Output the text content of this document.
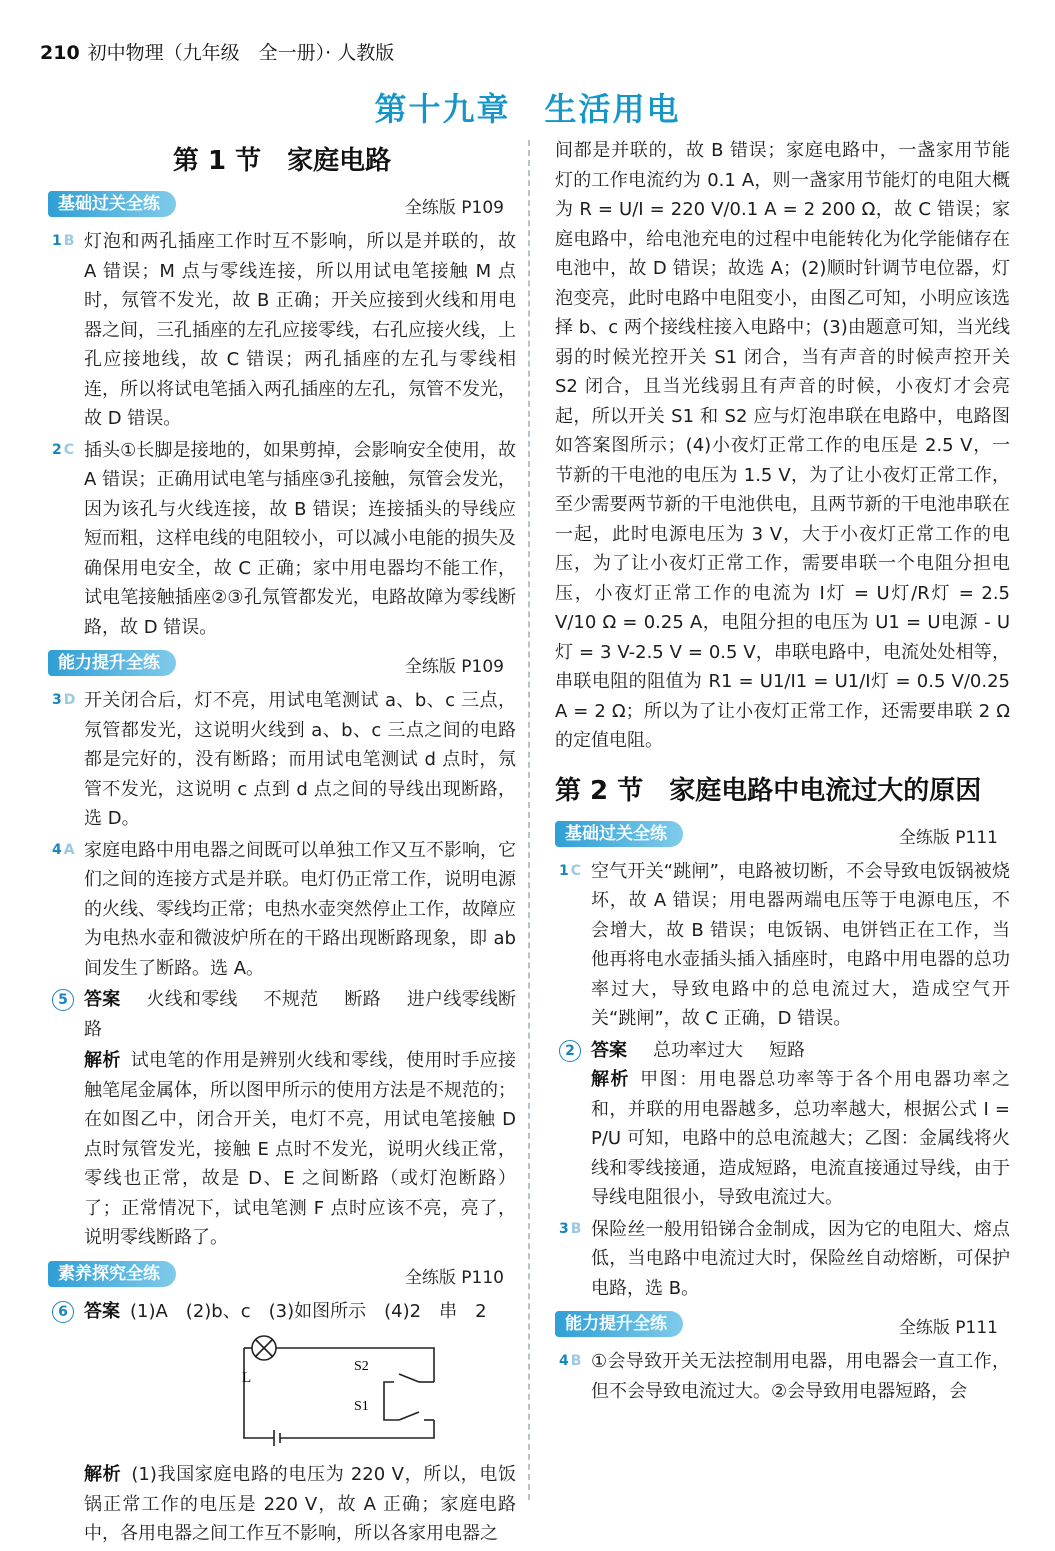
210 初中物理（九年级　全一册）· 人教版
第十九章　生活用电
第 1 节　家庭电路
基础过关全练	全练版 P109
1 B 灯泡和两孔插座工作时互不影响，所以是并联的，故 A 错误；M 点与零线连接，所以用试电笔接触 M 点时，氖管不发光，故 B 正确；开关应接到火线和用电器之间，三孔插座的左孔应接零线，右孔应接火线，上孔应接地线，故 C 错误；两孔插座的左孔与零线相连，所以将试电笔插入两孔插座的左孔，氖管不发光，故 D 错误。

2 C 插头①长脚是接地的，如果剪掉，会影响安全使用，故 A 错误；正确用试电笔与插座③孔接触，氖管会发光，因为该孔与火线连接，故 B 错误；连接插头的导线应短而粗，这样电线的电阻较小，可以减小电能的损失及确保用电安全，故 C 正确；家中用电器均不能工作，试电笔接触插座②③孔氖管都发光，电路故障为零线断路，故 D 错误。

能力提升全练	全练版 P109
3 D 开关闭合后，灯不亮，用试电笔测试 a、b、c 三点，氖管都发光，这说明火线到 a、b、c 三点之间的电路都是完好的，没有断路；而用试电笔测试 d 点时，氖管不发光，这说明 c 点到 d 点之间的导线出现断路，选 D。

4 A 家庭电路中用电器之间既可以单独工作又互不影响，它们之间的连接方式是并联。电灯仍正常工作，说明电源的火线、零线均正常；电热水壶突然停止工作，故障应为电热水壶和微波炉所在的干路出现断路现象，即 ab 间发生了断路。选 A。

5 答案 火线和零线 不规范 断路 进户线零线断路

解析 试电笔的作用是辨别火线和零线，使用时手应接触笔尾金属体，所以图甲所示的使用方法是不规范的；在如图乙中，闭合开关，电灯不亮，用试电笔接触 D 点时氖管发光，接触 E 点时不发光，说明火线正常，零线也正常，故是 D、E 之间断路（或灯泡断路）了；正常情况下，试电笔测 F 点时应该不亮，亮了，说明零线断路了。

素养探究全练	全练版 P110
6 答案 (1)A　(2)b、c　(3)如图所示　(4)2　串　2

L
S2
S1

解析 (1)我国家庭电路的电压为 220 V，所以，电饭锅正常工作的电压是 220 V，故 A 正确；家庭电路中，各用电器之间工作互不影响，所以各家用电器之

间都是并联的，故 B 错误；家庭电路中，一盏家用节能灯的工作电流约为 0.1 A，则一盏家用节能灯的电阻大概为 R = U/I = 220 V/0.1 A = 2 200 Ω，故 C 错误；家庭电路中，给电池充电的过程中电能转化为化学能储存在电池中，故 D 错误；故选 A；(2)顺时针调节电位器，灯泡变亮，此时电路中电阻变小，由图乙可知，小明应该选择 b、c 两个接线柱接入电路中；(3)由题意可知，当光线弱的时候光控开关 S1 闭合，当有声音的时候声控开关 S2 闭合，且当光线弱且有声音的时候，小夜灯才会亮起，所以开关 S1 和 S2 应与灯泡串联在电路中，电路图如答案图所示；(4)小夜灯正常工作的电压是 2.5 V，一节新的干电池的电压为 1.5 V，为了让小夜灯正常工作，至少需要两节新的干电池供电，且两节新的干电池串联在一起，此时电源电压为 3 V，大于小夜灯正常工作的电压，为了让小夜灯正常工作，需要串联一个电阻分担电压，小夜灯正常工作的电流为 I灯 = U灯/R灯 = 2.5 V/10 Ω = 0.25 A，电阻分担的电压为 U1 = U电源 - U灯 = 3 V-2.5 V = 0.5 V，串联电路中，电流处处相等，串联电阻的阻值为 R1 = U1/I1 = U1/I灯 = 0.5 V/0.25 A = 2 Ω；所以为了让小夜灯正常工作，还需要串联 2 Ω 的定值电阻。

第 2 节　家庭电路中电流过大的原因
基础过关全练	全练版 P111
1 C 空气开关“跳闸”，电路被切断，不会导致电饭锅被烧坏，故 A 错误；用电器两端电压等于电源电压，不会增大，故 B 错误；电饭锅、电饼铛正在工作，当他再将电水壶插头插入插座时，电路中用电器的总功率过大，导致电路中的总电流过大，造成空气开关“跳闸”，故 C 正确，D 错误。

2 答案 总功率过大 短路

解析 甲图：用电器总功率等于各个用电器功率之和，并联的用电器越多，总功率越大，根据公式 I = P/U 可知，电路中的总电流越大；乙图：金属线将火线和零线接通，造成短路，电流直接通过导线，由于导线电阻很小，导致电流过大。

3 B 保险丝一般用铅锑合金制成，因为它的电阻大、熔点低，当电路中电流过大时，保险丝自动熔断，可保护电路，选 B。

能力提升全练	全练版 P111
4 B ①会导致开关无法控制用电器，用电器会一直工作，但不会导致电流过大。②会导致用电器短路，会
